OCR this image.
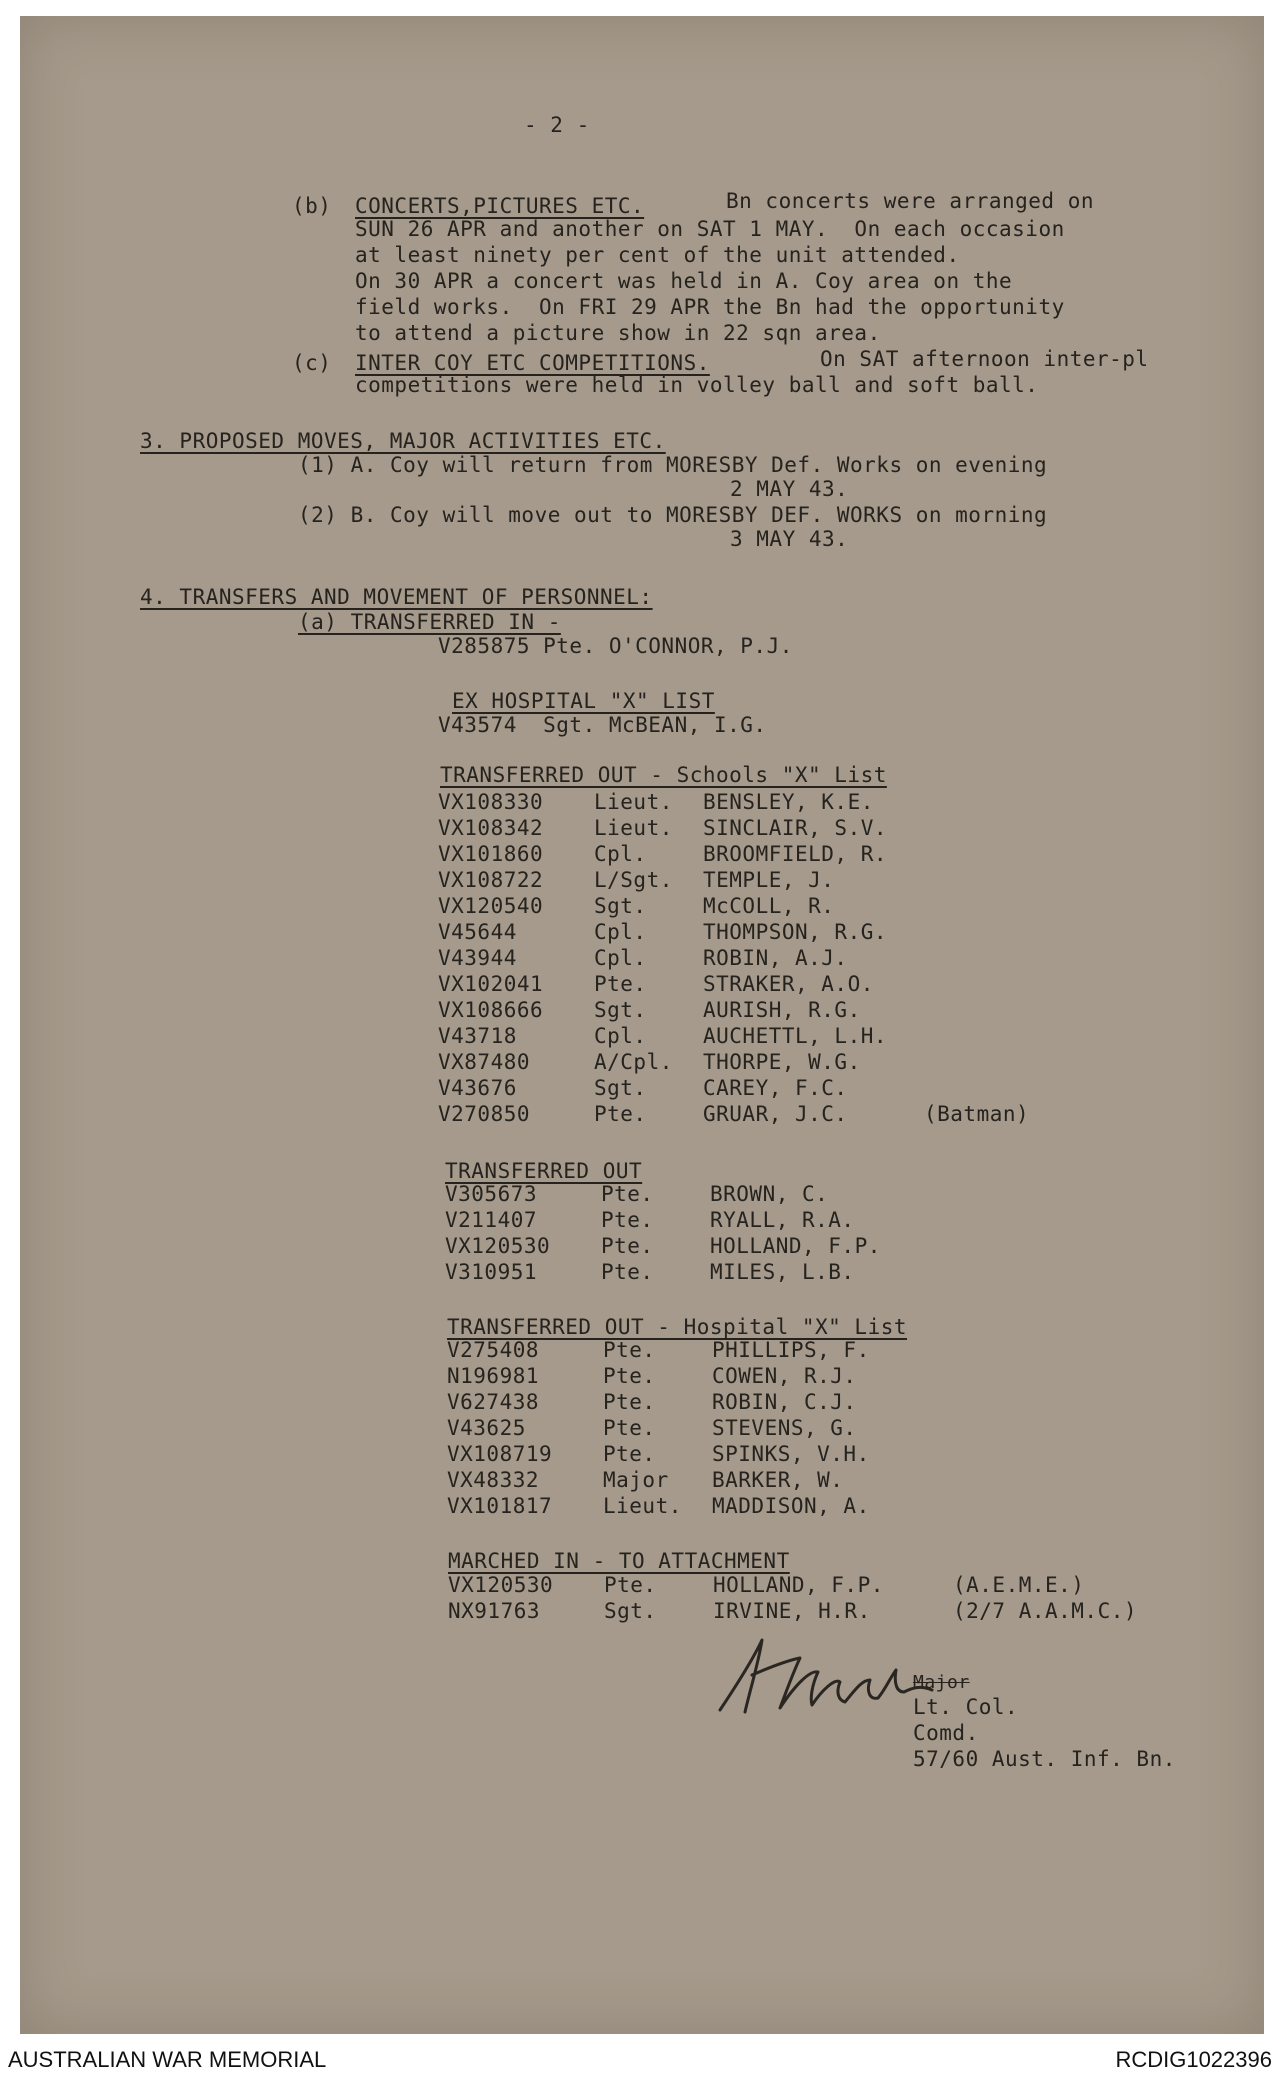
- 2 -
(b) CONCERTS,PICTURES ETC.	Bn concerts were arranged on
SUN 26 APR and another on SAT 1 MAY.  On each occasion
at least ninety per cent of the unit attended.
On 30 APR a concert was held in A. Coy area on the
field works.  On FRI 29 APR the Bn had the opportunity
to attend a picture show in 22 sqn area.
(c) INTER COY ETC COMPETITIONS.	On SAT afternoon inter-pl
competitions were held in volley ball and soft ball.
3. PROPOSED MOVES, MAJOR ACTIVITIES ETC.
(1) A. Coy will return from MORESBY Def. Works on evening
2 MAY 43.
(2) B. Coy will move out to MORESBY DEF. WORKS on morning
3 MAY 43.
4. TRANSFERS AND MOVEMENT OF PERSONNEL:
(a) TRANSFERRED IN -
V285875 Pte. O'CONNOR, P.J.
EX HOSPITAL "X" LIST
V43574  Sgt. McBEAN, I.G.
TRANSFERRED OUT - Schools "X" List
VX108330 Lieut. BENSLEY, K.E.
VX108342 Lieut. SINCLAIR, S.V.
VX101860 Cpl.	BROOMFIELD, R.
VX108722 L/Sgt. TEMPLE, J.
VX120540 Sgt.	McCOLL, R.
V45644	Cpl.	THOMPSON, R.G.
V43944	Cpl.	ROBIN, A.J.
VX102041 Pte.	STRAKER, A.O.
VX108666 Sgt.	AURISH, R.G.
V43718	Cpl.	AUCHETTL, L.H.
VX87480	A/Cpl. THORPE, W.G.
V43676	Sgt.	CAREY, F.C.
V270850	Pte.	GRUAR, J.C.	(Batman)
TRANSFERRED OUT
V305673	Pte.	BROWN, C.
V211407	Pte.	RYALL, R.A.
VX120530 Pte.	HOLLAND, F.P.
V310951	Pte.	MILES, L.B.
TRANSFERRED OUT - Hospital "X" List
V275408	Pte.	PHILLIPS, F.
N196981	Pte.	COWEN, R.J.
V627438	Pte.	ROBIN, C.J.
V43625	Pte.	STEVENS, G.
VX108719 Pte.	SPINKS, V.H.
VX48332	Major BARKER, W.
VX101817 Lieut. MADDISON, A.
MARCHED IN - TO ATTACHMENT
VX120530 Pte.	HOLLAND, F.P.	(A.E.M.E.)
NX91763	Sgt.	IRVINE, H.R.	(2/7 A.A.M.C.)
Major
Lt. Col.
Comd.
57/60 Aust. Inf. Bn.
AUSTRALIAN WAR MEMORIAL	RCDIG1022396
